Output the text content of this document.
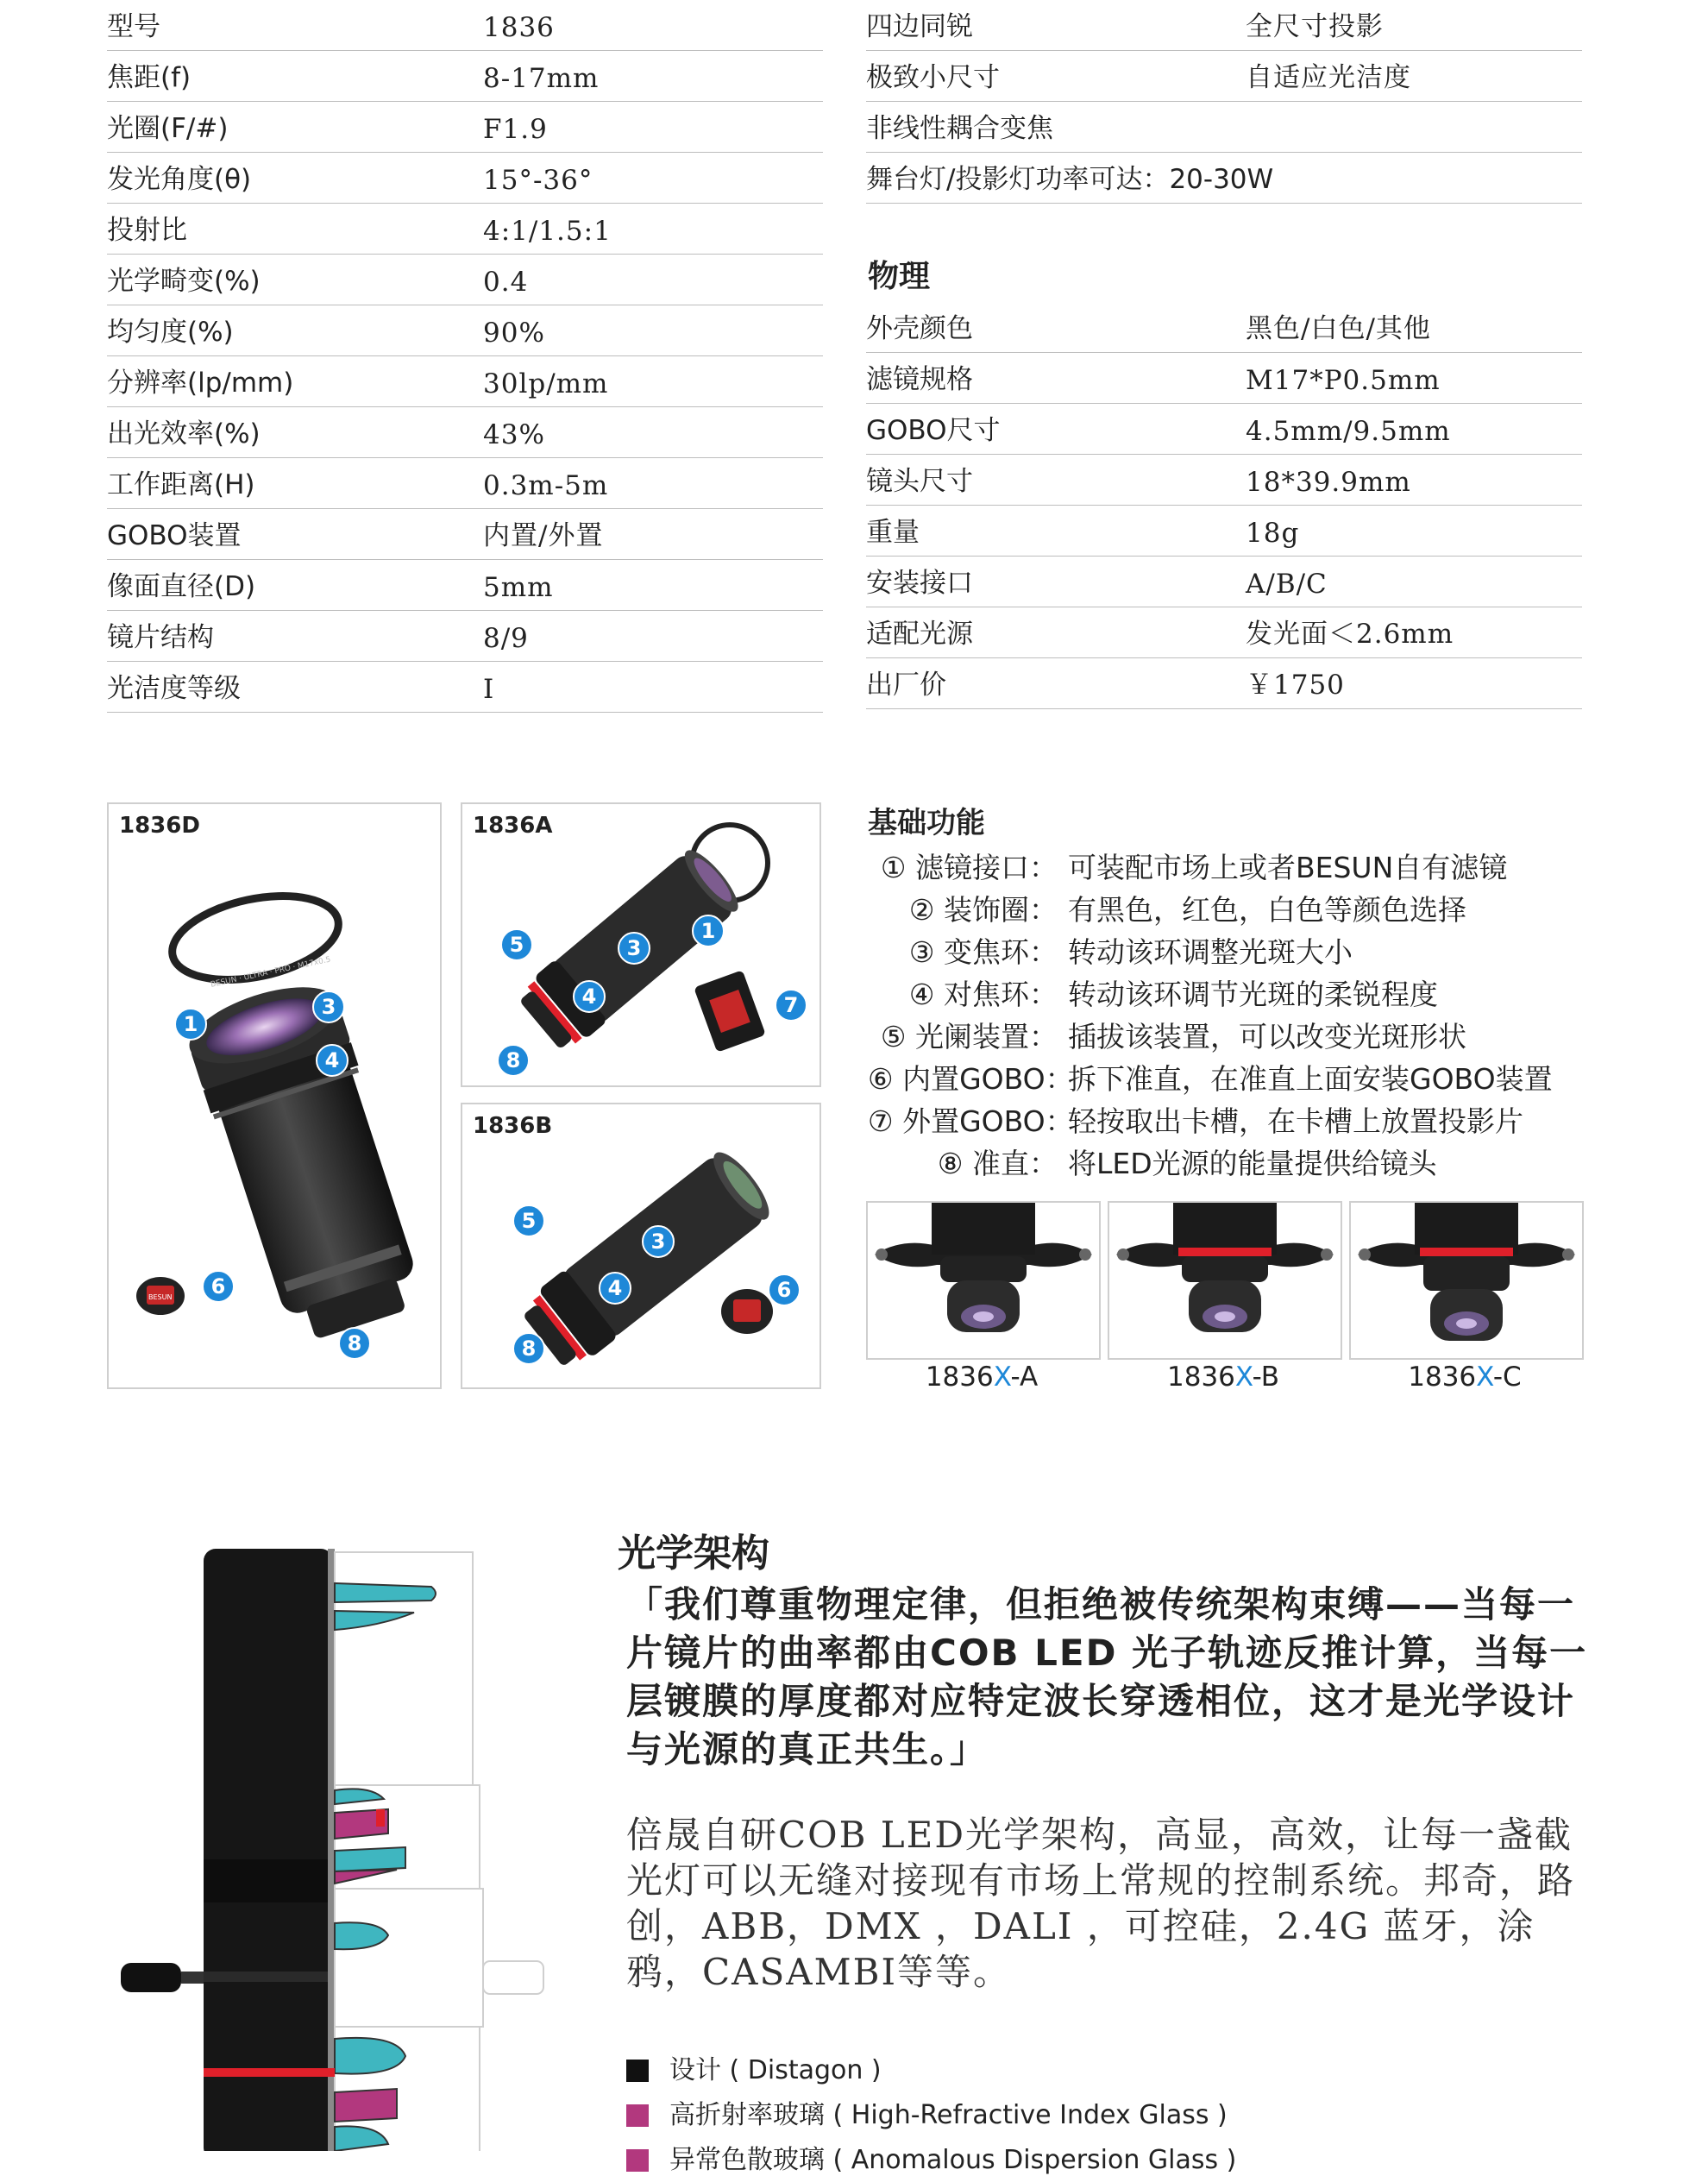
型号	1836
焦距(f)	8-17mm
光圈(F/#)	F1.9
发光角度(θ)	15°-36°
投射比	4:1/1.5:1
光学畸变(%)	0.4
均匀度(%)	90%
分辨率(lp/mm)	30lp/mm
出光效率(%)	43%
工作距离(H)	0.3m-5m
GOBO装置	内置/外置
像面直径(D)	5mm
镜片结构	8/9
光洁度等级	I
四边同锐	全尺寸投影
极致小尺寸	自适应光洁度
非线性耦合变焦
舞台灯/投影灯功率可达：20-30W
物理
外壳颜色	黑色/白色/其他
滤镜规格	M17*P0.5mm
GOBO尺寸	4.5mm/9.5mm
镜头尺寸	18*39.9mm
重量	18g
安装接口	A/B/C
适配光源	发光面＜2.6mm
出厂价	￥1750
1836D
BESUN · ULTRA · PRO · M17x0.5
BESUN
1
3
4
6
8
1836A
1
3
4
5
7
8
1836B
3
4
5
6
8
基础功能
① 滤镜接口： 可装配市场上或者BESUN自有滤镜
② 装饰圈： 有黑色，红色，白色等颜色选择
③ 变焦环： 转动该环调整光斑大小
④ 对焦环： 转动该环调节光斑的柔锐程度
⑤ 光阑装置： 插拔该装置，可以改变光斑形状
⑥ 内置GOBO：
拆下准直，在准直上面安装GOBO装置
⑦ 外置GOBO：
轻按取出卡槽，在卡槽上放置投影片
⑧ 准直： 将LED光源的能量提供给镜头
1836X-A	1836X-B	1836X-C
光学架构
「我们尊重物理定律，但拒绝被传统架构束缚——当每一片镜片的曲率都由COB LED 光子轨迹反推计算，当每一层镀膜的厚度都对应特定波长穿透相位，这才是光学设计与光源的真正共生。」
倍晟自研COB LED光学架构，高显，高效，让每一盏截光灯可以无缝对接现有市场上常规的控制系统。邦奇，路创，ABB，DMX ，DALI ，可控硅，2.4G 蓝牙，涂鸦，CASAMBI等等。
设计 ( Distagon )
高折射率玻璃 ( High-Refractive Index Glass )
异常色散玻璃 ( Anomalous Dispersion Glass )
